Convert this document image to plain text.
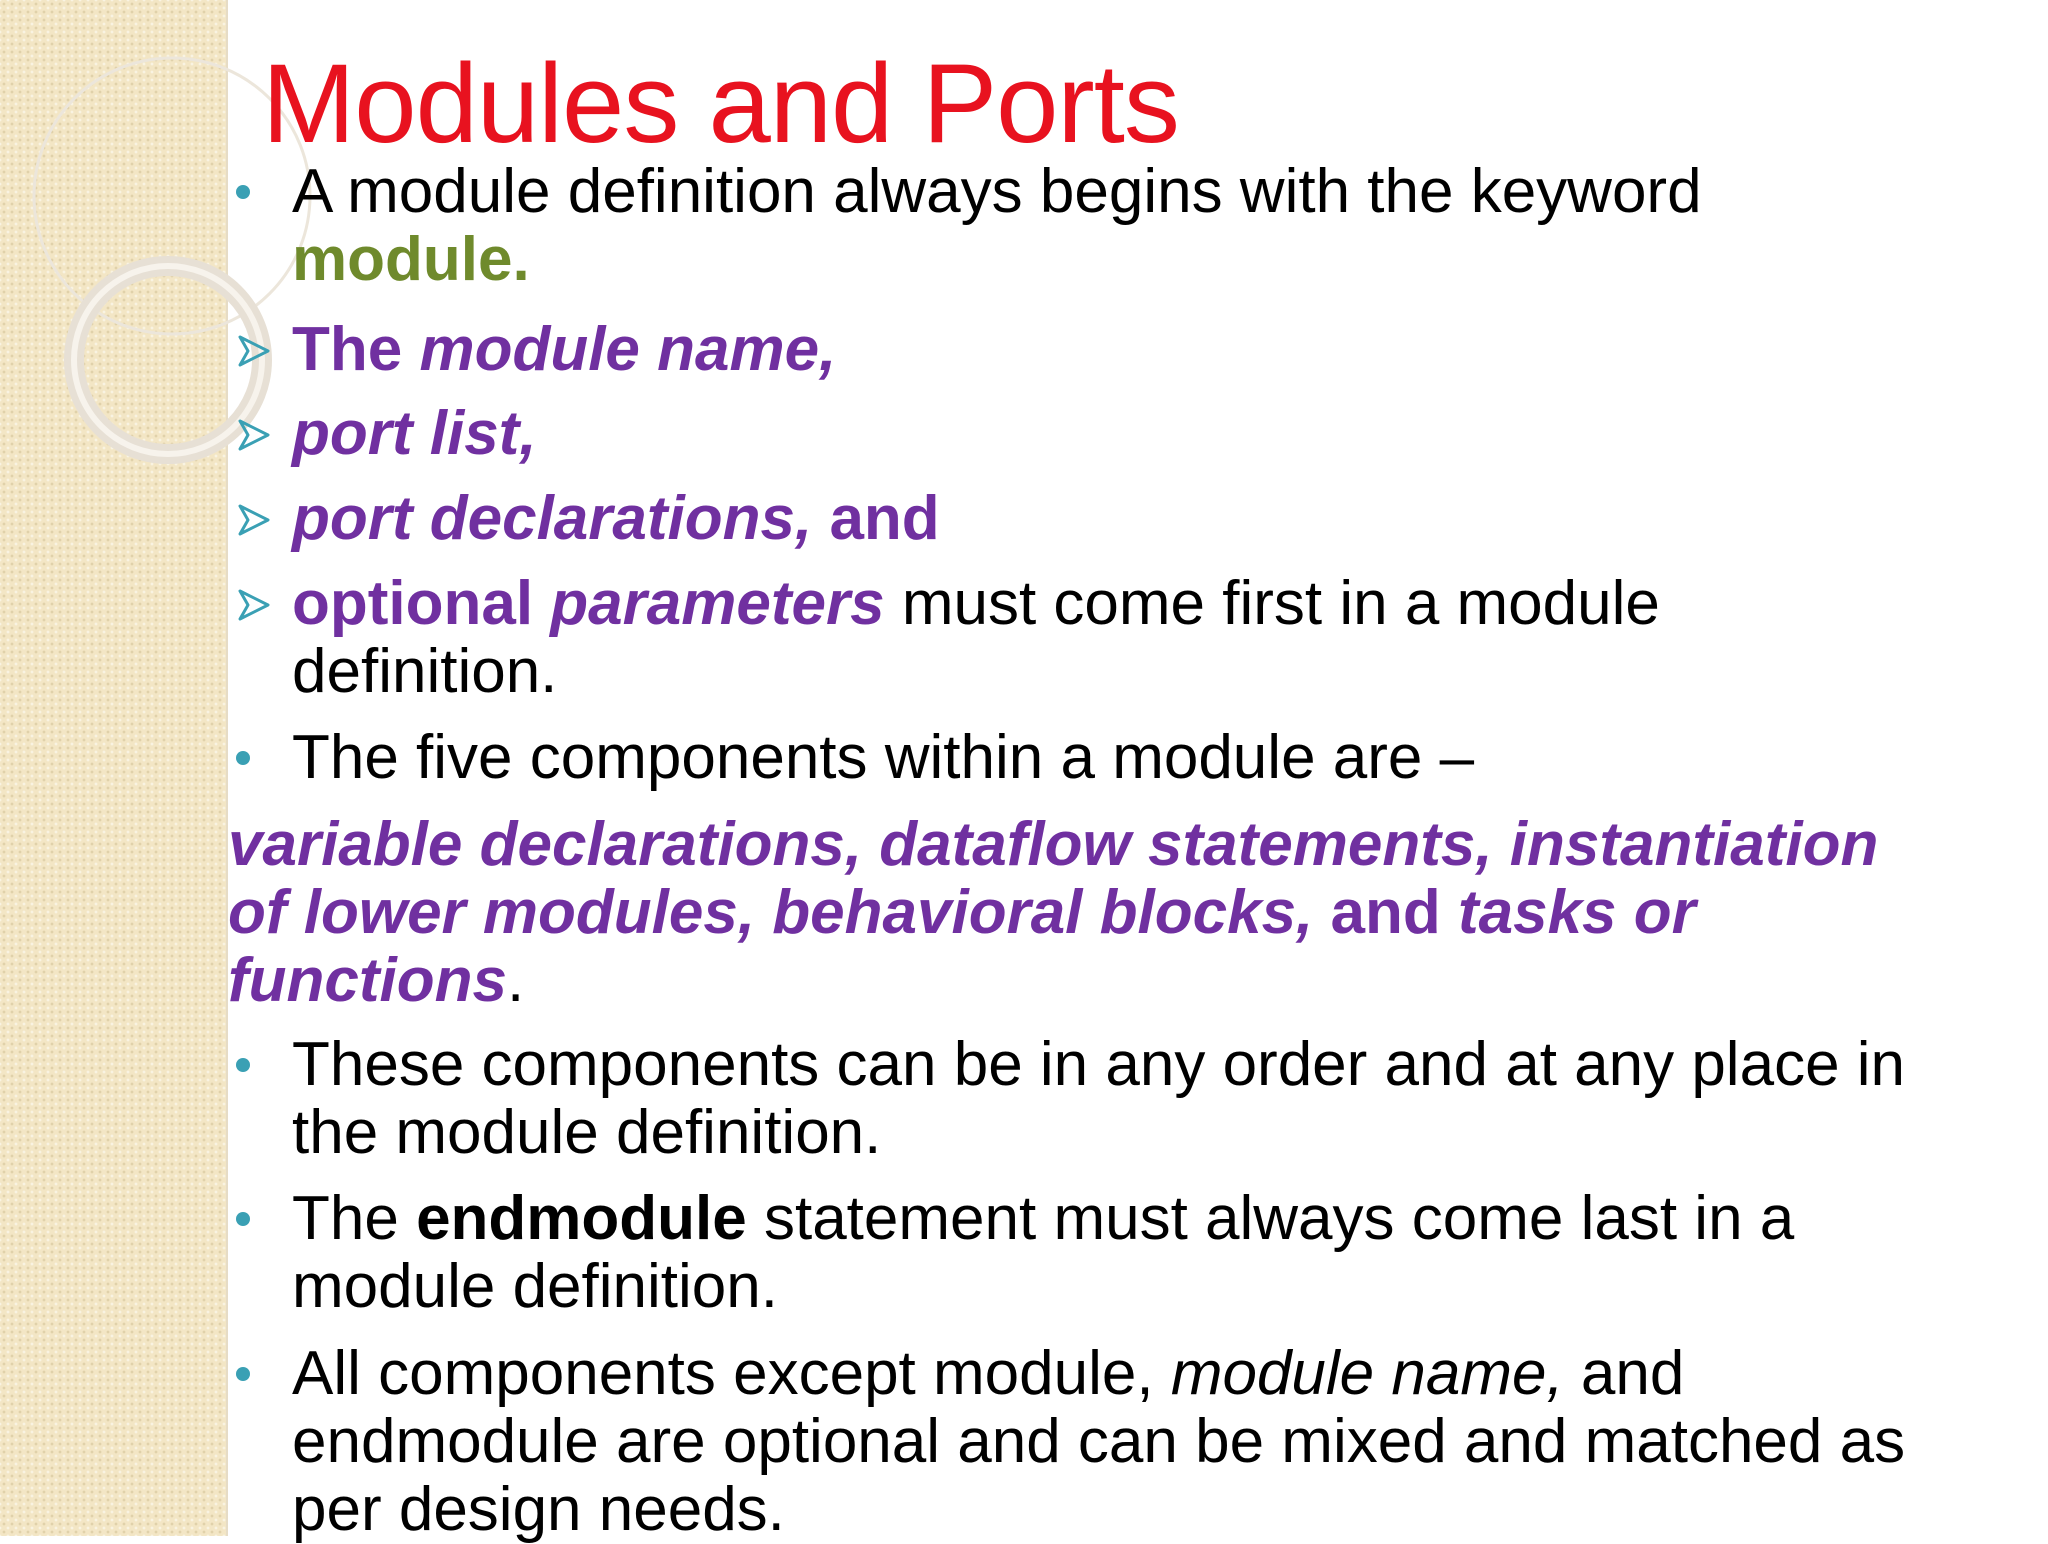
Modules and Ports
A module definition always begins with the keyword
module.
The module name,
port list,
port declarations, and
optional parameters must come first in a module
definition.
The five components within a module are –
variable declarations, dataflow statements, instantiation
of lower modules, behavioral blocks, and tasks or
functions.
These components can be in any order and at any place in
the module definition.
The endmodule statement must always come last in a
module definition.
All components except module, module name, and
endmodule are optional and can be mixed and matched as
per design needs.
